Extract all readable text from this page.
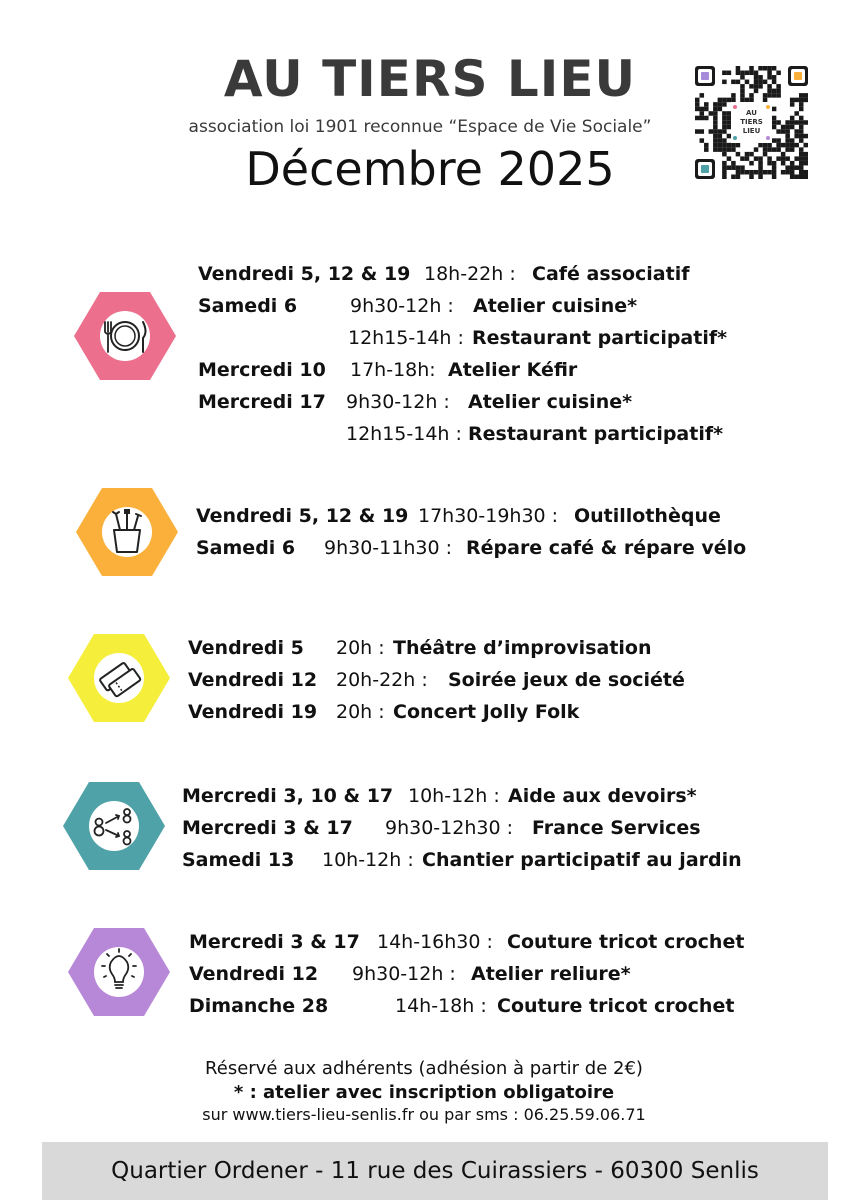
AU TIERS LIEU
association loi 1901 reconnue “Espace de Vie Sociale”
Décembre 2025
AU
TIERS
LIEU
Vendredi 5, 12 & 19 18h-22h : Café associatif
Samedi 6	9h30-12h : Atelier cuisine*
12h15-14h : Restaurant participatif*
Mercredi 10 17h-18h: Atelier Kéfir
Mercredi 17 9h30-12h : Atelier cuisine*
12h15-14h : Restaurant participatif*
Vendredi 5, 12 & 19 17h30-19h30 : Outillothèque
Samedi 6 9h30-11h30 : Répare café & répare vélo
Vendredi 5 20h : Théâtre d’improvisation
Vendredi 12 20h-22h : Soirée jeux de société
Vendredi 19 20h : Concert Jolly Folk
Mercredi 3, 10 & 17 10h-12h : Aide aux devoirs*
Mercredi 3 & 17 9h30-12h30 : France Services
Samedi 13 10h-12h : Chantier participatif au jardin
Mercredi 3 & 17 14h-16h30 : Couture tricot crochet
Vendredi 12 9h30-12h : Atelier reliure*
Dimanche 28	14h-18h : Couture tricot crochet
Réservé aux adhérents (adhésion à partir de 2€)
* : atelier avec inscription obligatoire
sur www.tiers-lieu-senlis.fr ou par sms : 06.25.59.06.71
Quartier Ordener - 11 rue des Cuirassiers - 60300 Senlis
